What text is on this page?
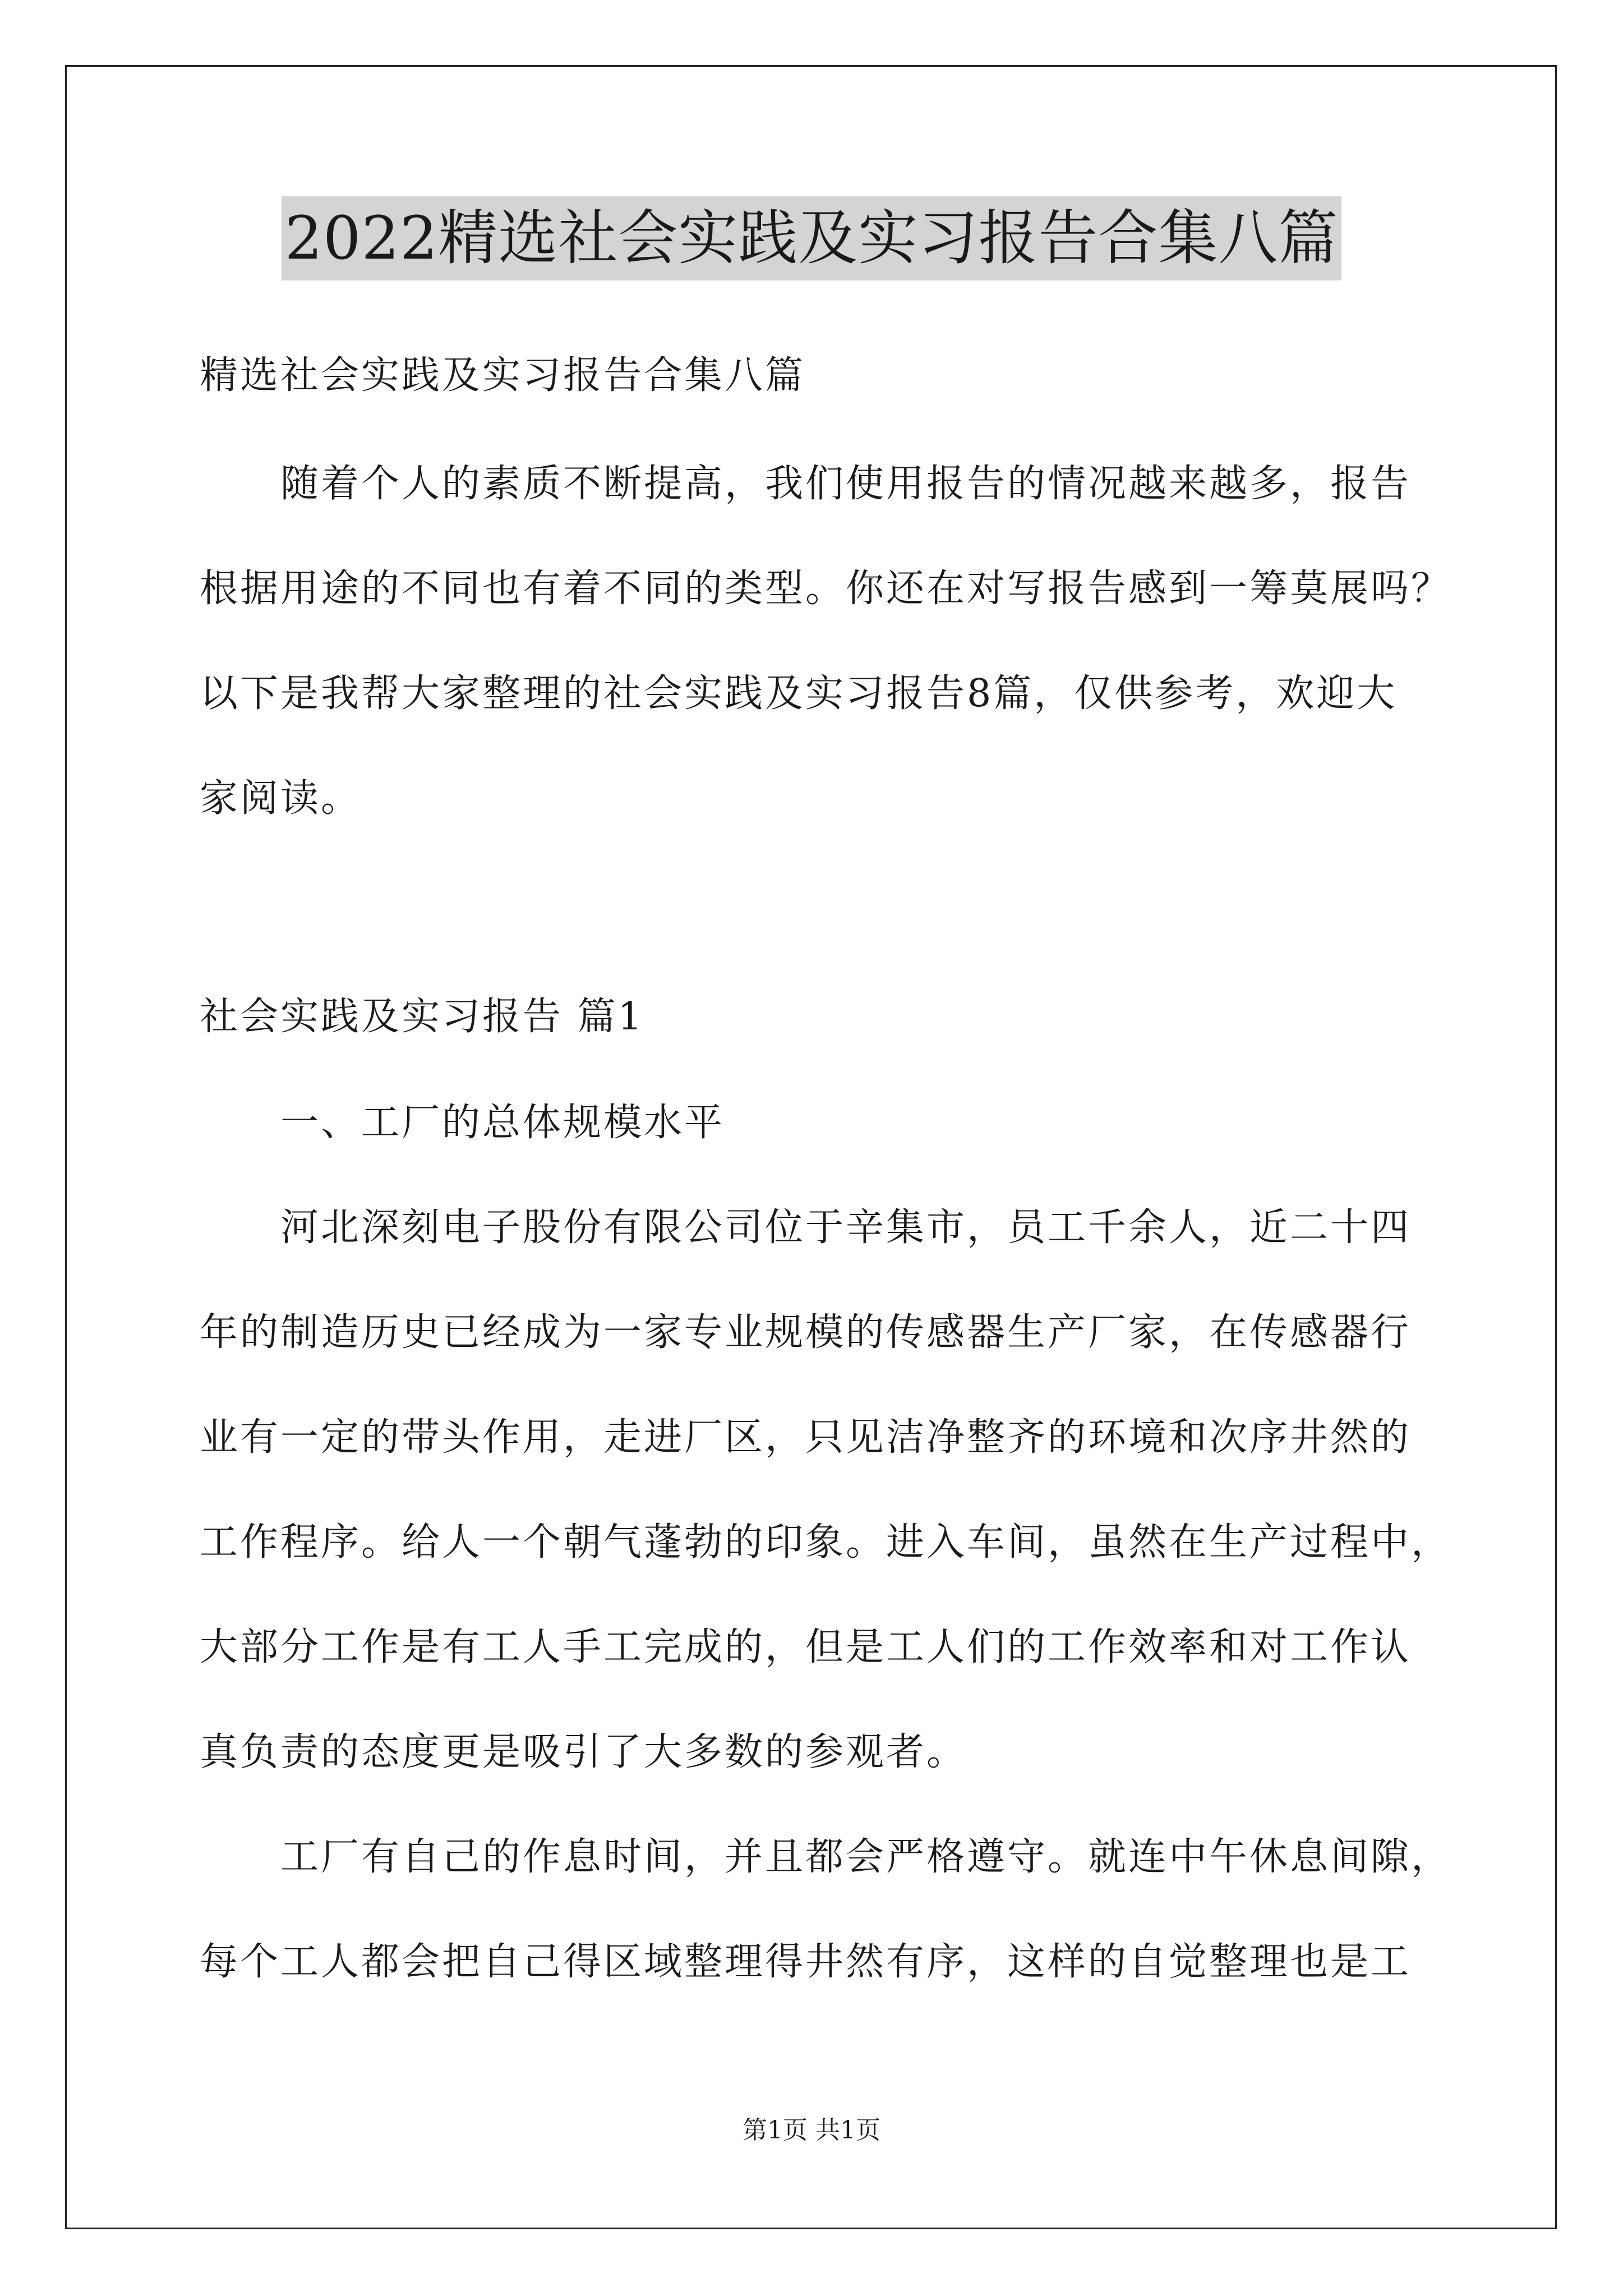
2022精选社会实践及实习报告合集八篇
精选社会实践及实习报告合集八篇
随着个人的素质不断提高，我们使用报告的情况越来越多，报告
根据用途的不同也有着不同的类型。你还在对写报告感到一筹莫展吗？
以下是我帮大家整理的社会实践及实习报告8篇，仅供参考，欢迎大
家阅读。
社会实践及实习报告 篇1
一、工厂的总体规模水平
河北深刻电子股份有限公司位于辛集市，员工千余人，近二十四
年的制造历史已经成为一家专业规模的传感器生产厂家，在传感器行
业有一定的带头作用，走进厂区，只见洁净整齐的环境和次序井然的
工作程序。给人一个朝气蓬勃的印象。进入车间，虽然在生产过程中，
大部分工作是有工人手工完成的，但是工人们的工作效率和对工作认
真负责的态度更是吸引了大多数的参观者。
工厂有自己的作息时间，并且都会严格遵守。就连中午休息间隙，
每个工人都会把自己得区域整理得井然有序，这样的自觉整理也是工
第1页 共1页
